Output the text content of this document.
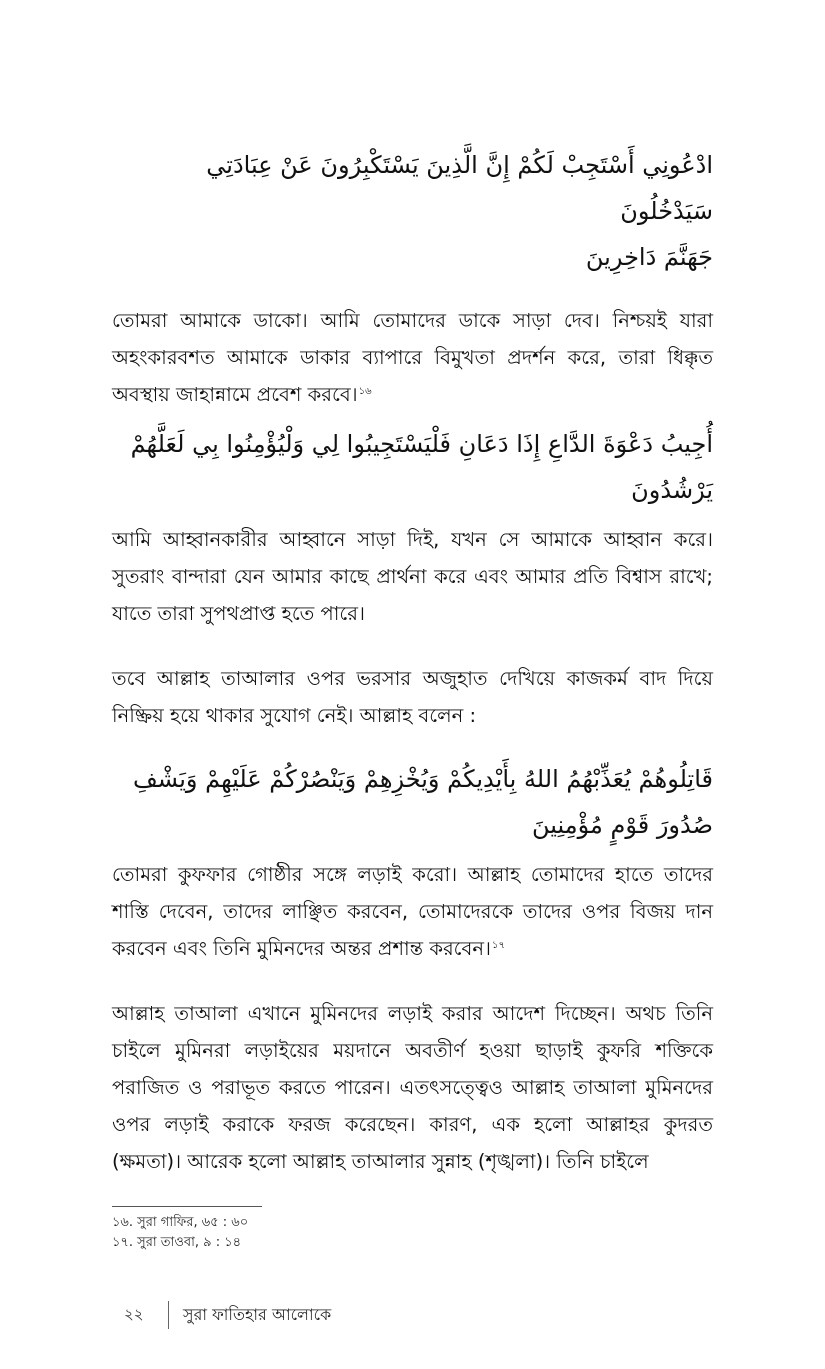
ادْعُونِي أَسْتَجِبْ لَكُمْ إِنَّ الَّذِينَ يَسْتَكْبِرُونَ عَنْ عِبَادَتِي سَيَدْخُلُونَ
جَهَنَّمَ دَاخِرِينَ

তোমরা আমাকে ডাকো। আমি তোমাদের ডাকে সাড়া দেব। নিশ্চয়ই যারা অহংকারবশত আমাকে ডাকার ব্যাপারে বিমুখতা প্রদর্শন করে, তারা ধিক্কৃত অবস্থায় জাহান্নামে প্রবেশ করবে।$^{১৬}$

أُجِيبُ دَعْوَةَ الدَّاعِ إِذَا دَعَانِ فَلْيَسْتَجِيبُوا لِي وَلْيُؤْمِنُوا بِي لَعَلَّهُمْ يَرْشُدُونَ

আমি আহ্বানকারীর আহ্বানে সাড়া দিই, যখন সে আমাকে আহ্বান করে। সুতরাং বান্দারা যেন আমার কাছে প্রার্থনা করে এবং আমার প্রতি বিশ্বাস রাখে; যাতে তারা সুপথপ্রাপ্ত হতে পারে।

তবে আল্লাহ তাআলার ওপর ভরসার অজুহাত দেখিয়ে কাজকর্ম বাদ দিয়ে নিষ্ক্রিয় হয়ে থাকার সুযোগ নেই। আল্লাহ বলেন :

قَاتِلُوهُمْ يُعَذِّبْهُمُ اللهُ بِأَيْدِيكُمْ وَيُخْزِهِمْ وَيَنْصُرْكُمْ عَلَيْهِمْ وَيَشْفِ
صُدُورَ قَوْمٍ مُؤْمِنِينَ

তোমরা কুফফার গোষ্ঠীর সঙ্গে লড়াই করো। আল্লাহ তোমাদের হাতে তাদের শাস্তি দেবেন, তাদের লাঞ্ছিত করবেন, তোমাদেরকে তাদের ওপর বিজয় দান করবেন এবং তিনি মুমিনদের অন্তর প্রশান্ত করবেন।$^{১৭}$

আল্লাহ তাআলা এখানে মুমিনদের লড়াই করার আদেশ দিচ্ছেন। অথচ তিনি চাইলে মুমিনরা লড়াইয়ের ময়দানে অবতীর্ণ হওয়া ছাড়াই কুফরি শক্তিকে পরাজিত ও পরাভূত করতে পারেন। এতৎসত্ত্বেও আল্লাহ তাআলা মুমিনদের ওপর লড়াই করাকে ফরজ করেছেন। কারণ, এক হলো আল্লাহর কুদরত (ক্ষমতা)। আরেক হলো আল্লাহ তাআলার সুন্নাহ (শৃঙ্খলা)। তিনি চাইলে

১৬. সুরা গাফির, ৬৫ : ৬০
১৭. সুরা তাওবা, ৯ : ১৪
২২	সুরা ফাতিহার আলোকে
